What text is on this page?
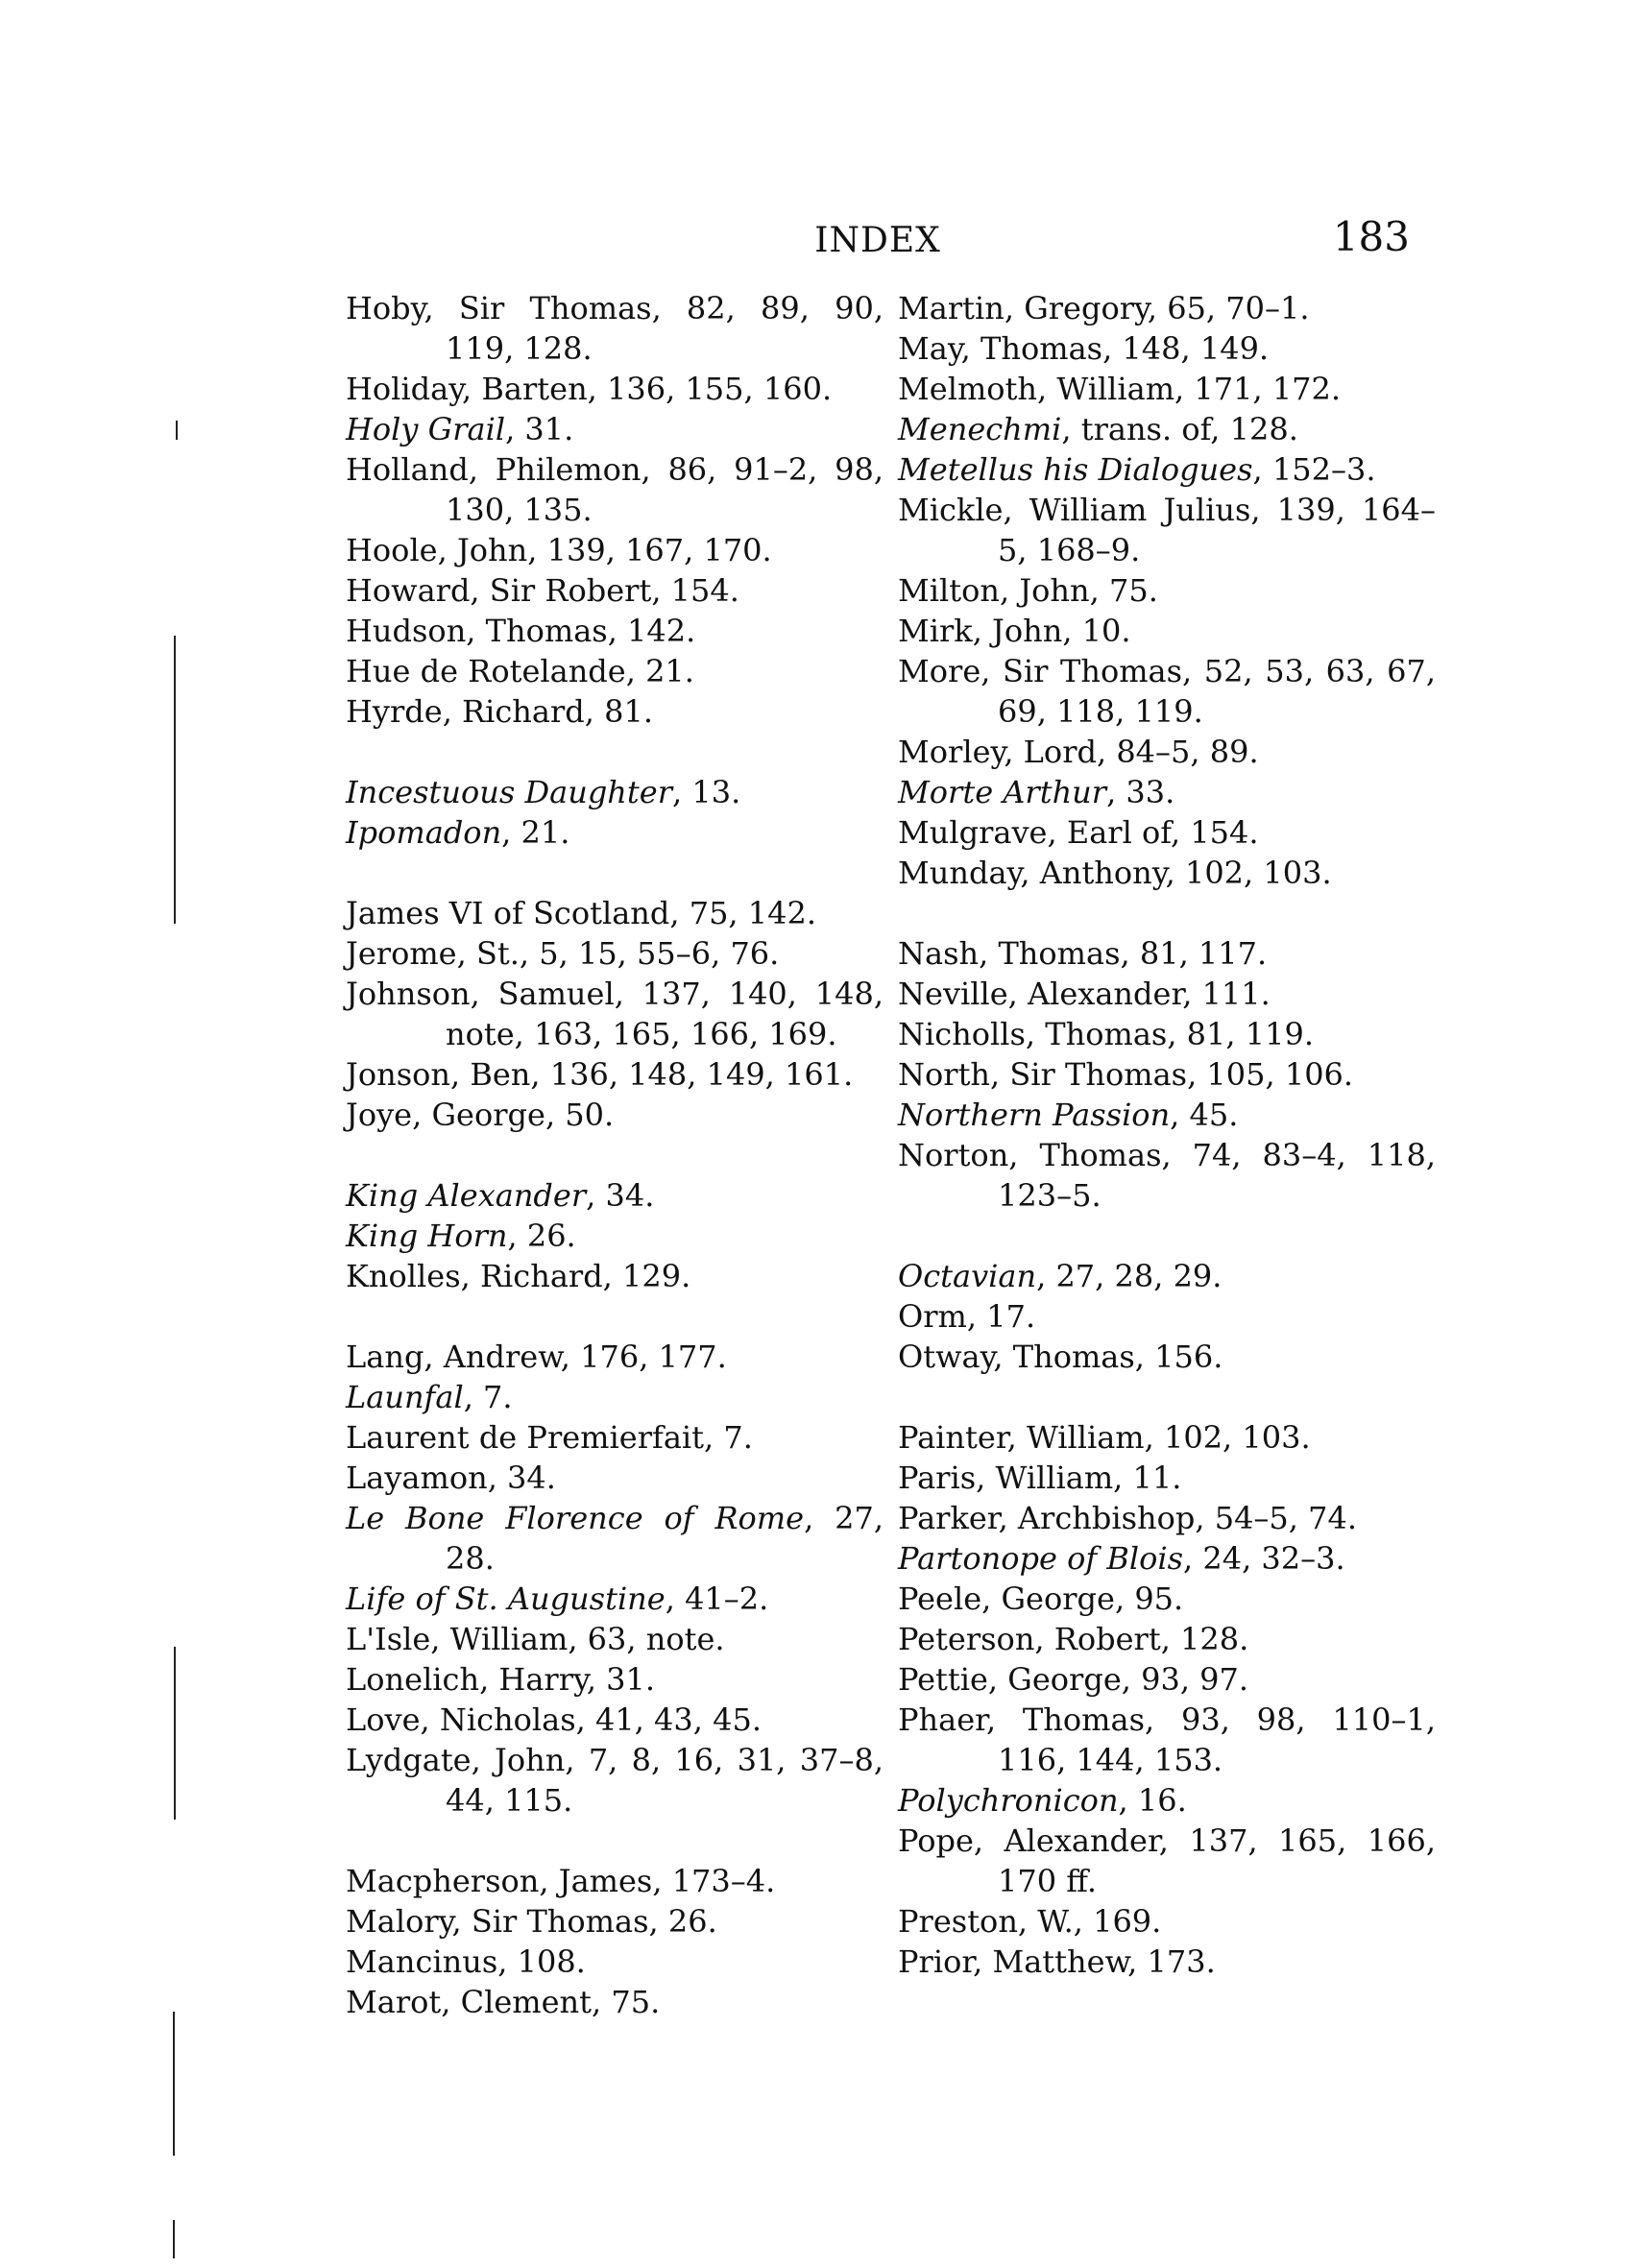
INDEX	183
Hoby, Sir Thomas, 82, 89, 90, 119, 128.
Holiday, Barten, 136, 155, 160.
Holy Grail, 31.
Holland, Philemon, 86, 91–2, 98, 130, 135.
Hoole, John, 139, 167, 170.
Howard, Sir Robert, 154.
Hudson, Thomas, 142.
Hue de Rotelande, 21.
Hyrde, Richard, 81.
Incestuous Daughter, 13.
Ipomadon, 21.
James VI of Scotland, 75, 142.
Jerome, St., 5, 15, 55–6, 76.
Johnson, Samuel, 137, 140, 148, note, 163, 165, 166, 169.
Jonson, Ben, 136, 148, 149, 161.
Joye, George, 50.
King Alexander, 34.
King Horn, 26.
Knolles, Richard, 129.
Lang, Andrew, 176, 177.
Launfal, 7.
Laurent de Premierfait, 7.
Layamon, 34.
Le Bone Florence of Rome, 27, 28.
Life of St. Augustine, 41–2.
L'Isle, William, 63, note.
Lonelich, Harry, 31.
Love, Nicholas, 41, 43, 45.
Lydgate, John, 7, 8, 16, 31, 37–8, 44, 115.
Macpherson, James, 173–4.
Malory, Sir Thomas, 26.
Mancinus, 108.
Marot, Clement, 75.
Martin, Gregory, 65, 70–1.
May, Thomas, 148, 149.
Melmoth, William, 171, 172.
Menechmi, trans. of, 128.
Metellus his Dialogues, 152–3.
Mickle, William Julius, 139, 164–5, 168–9.
Milton, John, 75.
Mirk, John, 10.
More, Sir Thomas, 52, 53, 63, 67, 69, 118, 119.
Morley, Lord, 84–5, 89.
Morte Arthur, 33.
Mulgrave, Earl of, 154.
Munday, Anthony, 102, 103.
Nash, Thomas, 81, 117.
Neville, Alexander, 111.
Nicholls, Thomas, 81, 119.
North, Sir Thomas, 105, 106.
Northern Passion, 45.
Norton, Thomas, 74, 83–4, 118, 123–5.
Octavian, 27, 28, 29.
Orm, 17.
Otway, Thomas, 156.
Painter, William, 102, 103.
Paris, William, 11.
Parker, Archbishop, 54–5, 74.
Partonope of Blois, 24, 32–3.
Peele, George, 95.
Peterson, Robert, 128.
Pettie, George, 93, 97.
Phaer, Thomas, 93, 98, 110–1, 116, 144, 153.
Polychronicon, 16.
Pope, Alexander, 137, 165, 166, 170 ff.
Preston, W., 169.
Prior, Matthew, 173.
